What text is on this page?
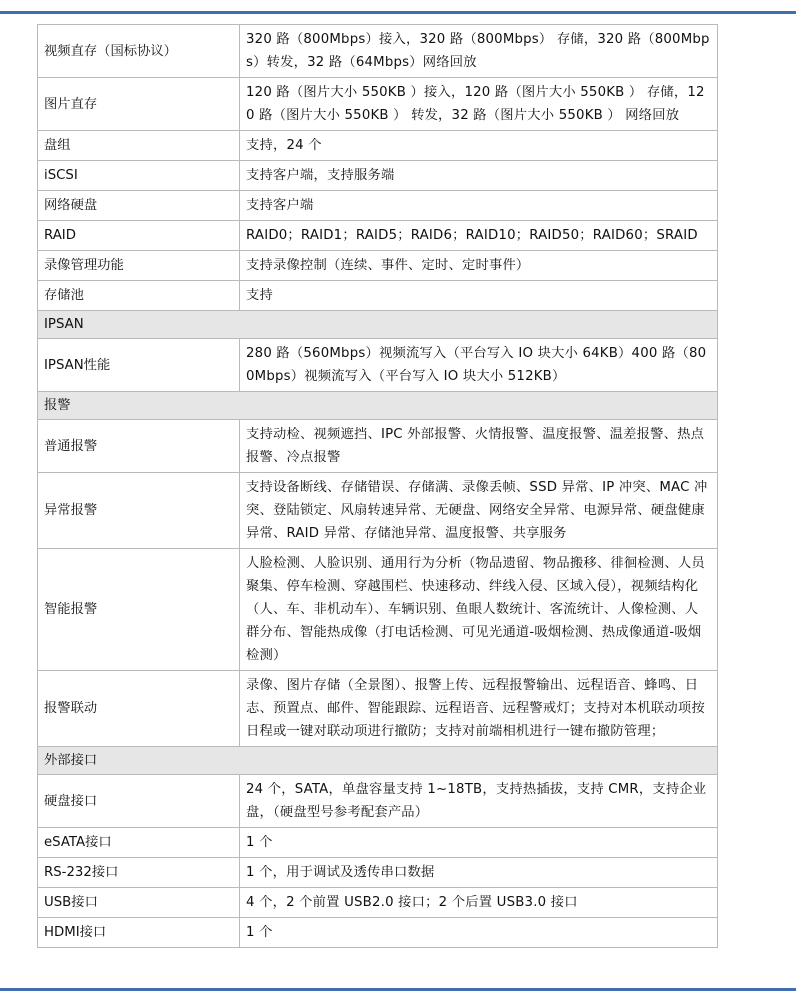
视频直存（国标协议）	320 路（800Mbps）接入，320 路（800Mbps） 存储，320 路（800Mbps）转发，32 路（64Mbps）网络回放
图片直存	120 路（图片大小 550KB ）接入，120 路（图片大小 550KB ） 存储，120 路（图片大小 550KB ） 转发，32 路（图片大小 550KB ） 网络回放
盘组	支持，24 个
iSCSI	支持客户端，支持服务端
网络硬盘	支持客户端
RAID	RAID0；RAID1；RAID5；RAID6；RAID10；RAID50；RAID60；SRAID
录像管理功能	支持录像控制（连续、事件、定时、定时事件）
存储池	支持
IPSAN	
IPSAN性能	280 路（560Mbps）视频流写入（平台写入 IO 块大小 64KB）400 路（800Mbps）视频流写入（平台写入 IO 块大小 512KB）
报警	
普通报警	支持动检、视频遮挡、IPC 外部报警、火情报警、温度报警、温差报警、热点报警、冷点报警
异常报警	支持设备断线、存储错误、存储满、录像丢帧、SSD 异常、IP 冲突、MAC 冲突、登陆锁定、风扇转速异常、无硬盘、网络安全异常、电源异常、硬盘健康异常、RAID 异常、存储池异常、温度报警、共享服务
智能报警	人脸检测、人脸识别、通用行为分析（物品遗留、物品搬移、徘徊检测、人员聚集、停车检测、穿越围栏、快速移动、绊线入侵、区域入侵），视频结构化（人、车、非机动车）、车辆识别、鱼眼人数统计、客流统计、人像检测、人群分布、智能热成像（打电话检测、可见光通道-吸烟检测、热成像通道-吸烟检测）
报警联动	录像、图片存储（全景图）、报警上传、远程报警输出、远程语音、蜂鸣、日志、预置点、邮件、智能跟踪、远程语音、远程警戒灯；支持对本机联动项按日程或一键对联动项进行撤防；支持对前端相机进行一键布撤防管理；
外部接口	
硬盘接口	24 个，SATA，单盘容量支持 1~18TB，支持热插拔，支持 CMR，支持企业盘，（硬盘型号参考配套产品）
eSATA接口	1 个
RS-232接口	1 个，用于调试及透传串口数据
USB接口	4 个，2 个前置 USB2.0 接口；2 个后置 USB3.0 接口
HDMI接口	1 个
